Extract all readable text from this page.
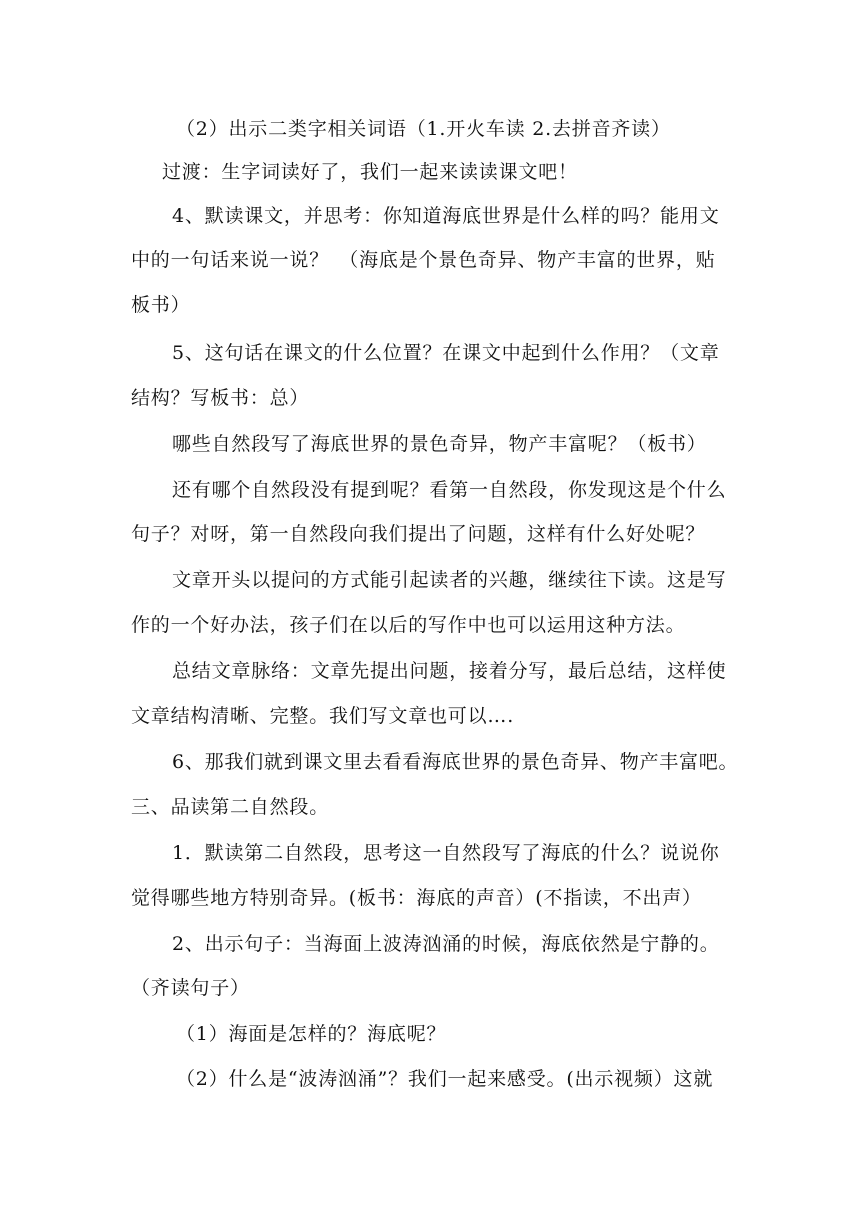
（2）出示二类字相关词语（1.开火车读 2.去拼音齐读）
过渡：生字词读好了，我们一起来读读课文吧！
4、默读课文，并思考：你知道海底世界是什么样的吗？能用文
中的一句话来说一说？　（海底是个景色奇异、物产丰富的世界，贴
板书）
5、这句话在课文的什么位置？在课文中起到什么作用？（文章
结构？写板书：总）
哪些自然段写了海底世界的景色奇异，物产丰富呢？（板书）
还有哪个自然段没有提到呢？看第一自然段，你发现这是个什么
句子？对呀，第一自然段向我们提出了问题，这样有什么好处呢？
文章开头以提问的方式能引起读者的兴趣，继续往下读。这是写
作的一个好办法，孩子们在以后的写作中也可以运用这种方法。
总结文章脉络：文章先提出问题，接着分写，最后总结，这样使
文章结构清晰、完整。我们写文章也可以….
6、那我们就到课文里去看看海底世界的景色奇异、物产丰富吧。
三、品读第二自然段。
1．默读第二自然段，思考这一自然段写了海底的什么？说说你
觉得哪些地方特别奇异。(板书：海底的声音）(不指读，不出声）
2、出示句子：当海面上波涛汹涌的时候，海底依然是宁静的。
（齐读句子）
（1）海面是怎样的？海底呢？
（2）什么是“波涛汹涌”？我们一起来感受。(出示视频）这就
